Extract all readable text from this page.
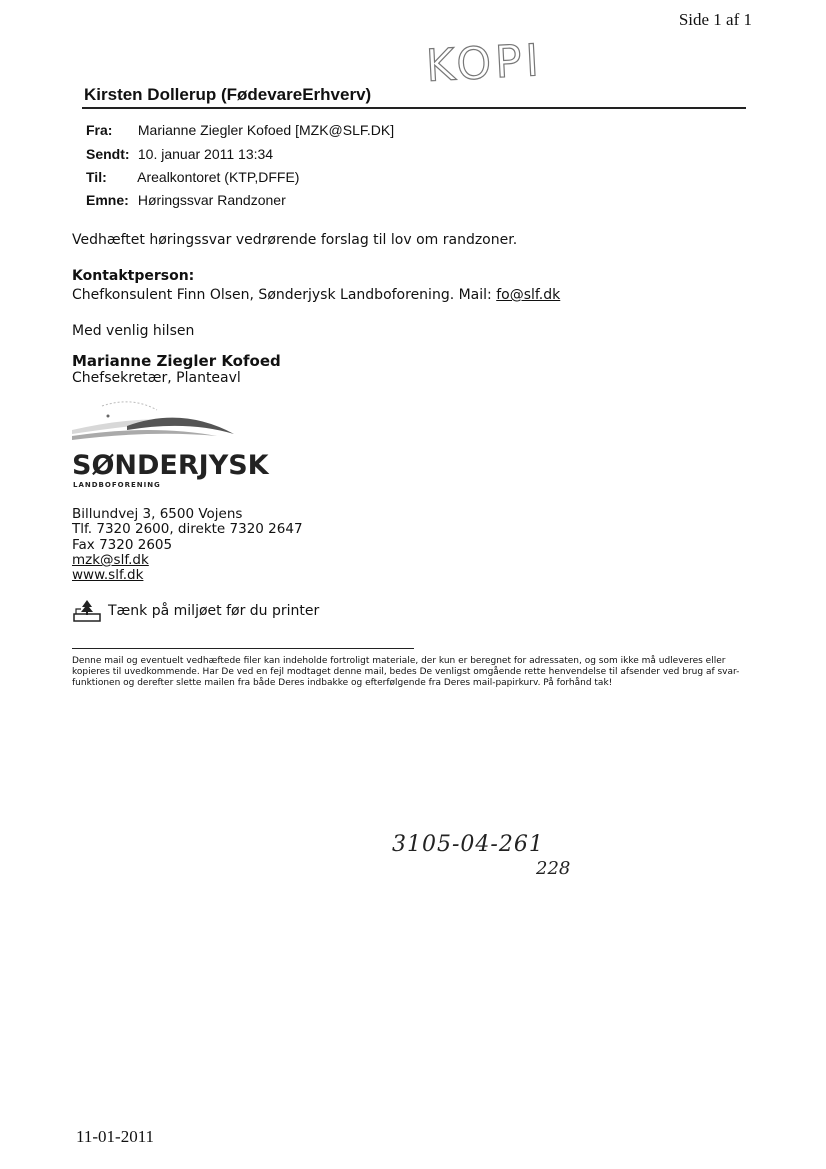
Side 1 af 1
KOPI
Kirsten Dollerup (FødevareErhverv)
Fra: Marianne Ziegler Kofoed [MZK@SLF.DK]
Sendt: 10. januar 2011 13:34
Til: Arealkontoret (KTP,DFFE)
Emne: Høringssvar Randzoner
Vedhæftet høringssvar vedrørende forslag til lov om randzoner.
Kontaktperson:
Chefkonsulent Finn Olsen, Sønderjysk Landboforening. Mail: fo@slf.dk
Med venlig hilsen
Marianne Ziegler Kofoed
Chefsekretær, Planteavl
SØNDERJYSK
LANDBOFORENING
Billundvej 3, 6500 Vojens
Tlf. 7320 2600, direkte 7320 2647
Fax 7320 2605
mzk@slf.dk
www.slf.dk
Tænk på miljøet før du printer
Denne mail og eventuelt vedhæftede filer kan indeholde fortroligt materiale, der kun er beregnet for adressaten, og som ikke må udleveres eller kopieres til uvedkommende. Har De ved en fejl modtaget denne mail, bedes De venligst omgående rette henvendelse til afsender ved brug af svar-funktionen og derefter slette mailen fra både Deres indbakke og efterfølgende fra Deres mail-papirkurv. På forhånd tak!
3105-04-261
228
11-01-2011
